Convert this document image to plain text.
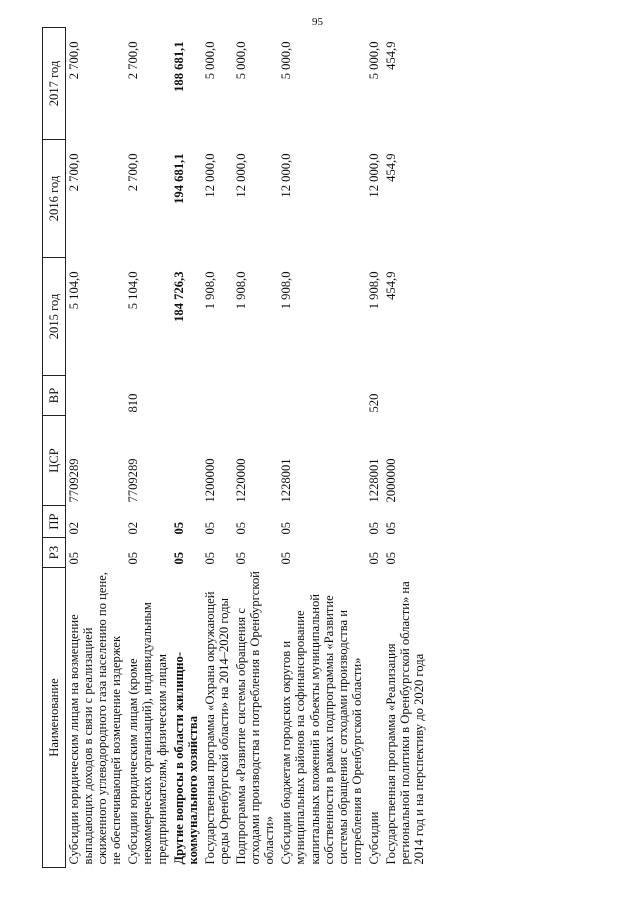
95
Наименование	РЗ	ПР	ЦСР	ВР	2015 год	2016 год	2017 год
Субсидии юридическим лицам на возмещение выпадающих доходов в связи с реализацией сжиженного углеводородного газа населению по цене, не обеспечивающей возмещение издержек	05	02	7709289		5 104,0	2 700,0	2 700,0
Субсидии юридическим лицам (кроме некоммерческих организаций), индивидуальным предпринимателям, физическим лицам	05	02	7709289	810	5 104,0	2 700,0	2 700,0
Другие вопросы в области жилищно-коммунального хозяйства	05	05			184 726,3	194 681,1	188 681,1
Государственная программа «Охрана окружающей среды Оренбургской области» на 2014–2020 годы	05	05	1200000		1 908,0	12 000,0	5 000,0
Подпрограмма «Развитие системы обращения с отходами производства и потребления в Оренбургской области»	05	05	1220000		1 908,0	12 000,0	5 000,0
Субсидии бюджетам городских округов и муниципальных районов на софинансирование капитальных вложений в объекты муниципальной собственности в рамках подпрограммы «Развитие системы обращения с отходами производства и потребления в Оренбургской области»	05	05	1228001		1 908,0	12 000,0	5 000,0
Субсидии	05	05	1228001	520	1 908,0	12 000,0	5 000,0
Государственная программа «Реализация региональной политики в Оренбургской области» на 2014 год и на перспективу до 2020 года	05	05	2000000		454,9	454,9	454,9
